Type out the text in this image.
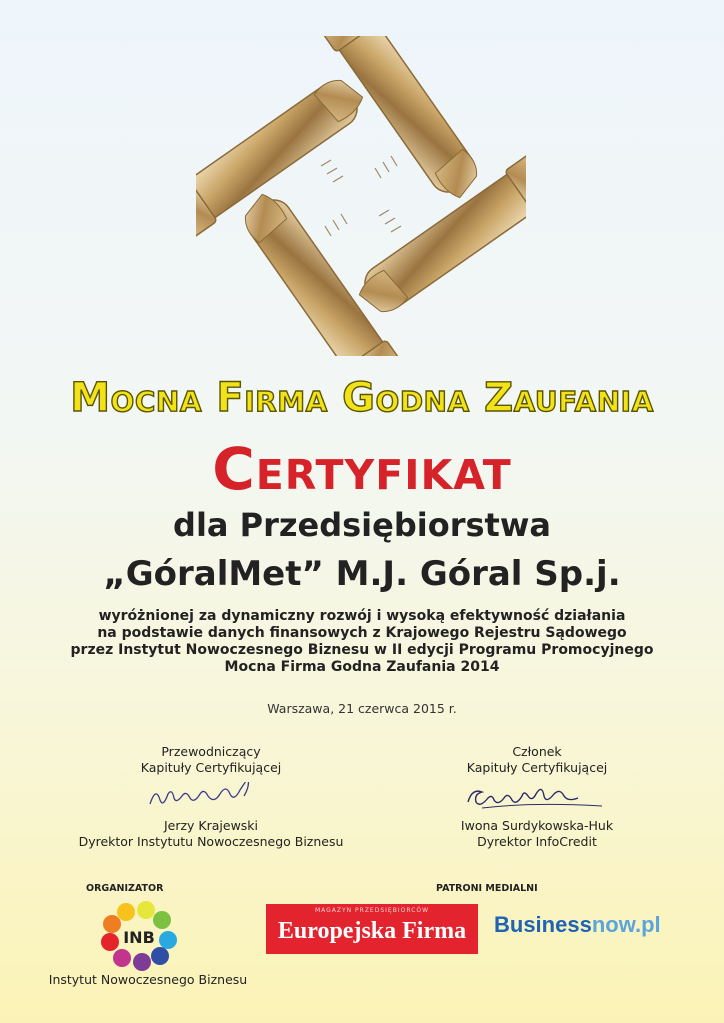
Mocna Firma Godna Zaufania
Certyfikat
dla Przedsiębiorstwa
„GóralMet” M.J. Góral Sp.j.
wyróżnionej za dynamiczny rozwój i wysoką efektywność działania
na podstawie danych finansowych z Krajowego Rejestru Sądowego
przez Instytut Nowoczesnego Biznesu w II edycji Programu Promocyjnego
Mocna Firma Godna Zaufania 2014
Warszawa, 21 czerwca 2015 r.
Przewodniczący
Kapituły Certyfikującej
Jerzy Krajewski
Dyrektor Instytutu Nowoczesnego Biznesu
Członek
Kapituły Certyfikującej
Iwona Surdykowska-Huk
Dyrektor InfoCredit
ORGANIZATOR	PATRONI MEDIALNI
INB
Instytut Nowoczesnego Biznesu
MAGAZYN PRZEDSIĘBIORCÓW
Europejska Firma	Businessnow.pl
